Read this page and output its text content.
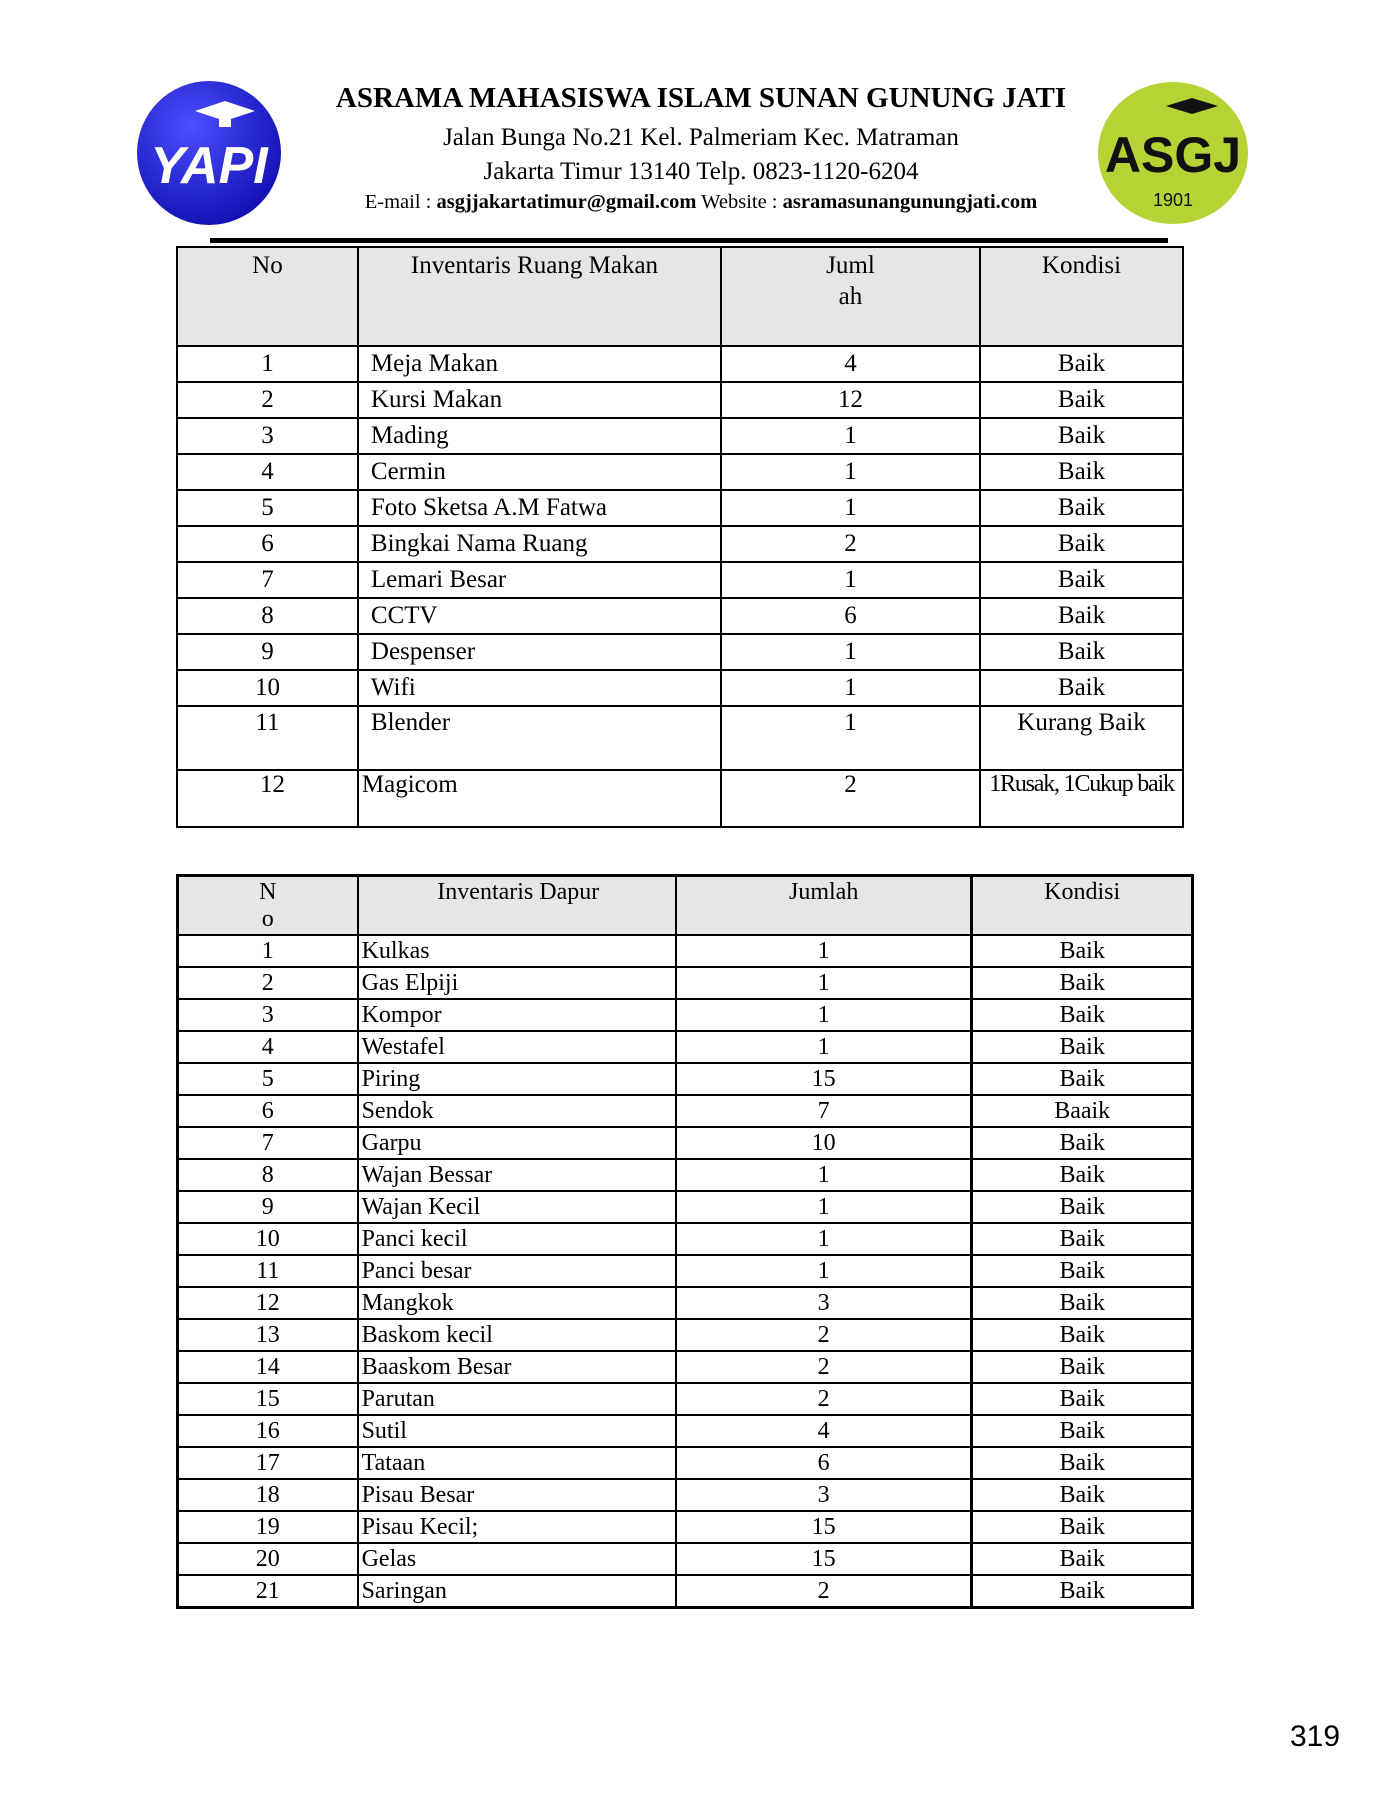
YAPI
ASRAMA MAHASISWA ISLAM SUNAN GUNUNG JATI
Jalan Bunga No.21 Kel. Palmeriam Kec. Matraman
Jakarta Timur 13140 Telp. 0823-1120-6204
E-mail : asgjjakartatimur@gmail.com Website : asramasunangunungjati.com
ASGJ
1901
No	Inventaris Ruang Makan	Jumlah	Kondisi
1	Meja Makan	4	Baik
2	Kursi Makan	12	Baik
3	Mading	1	Baik
4	Cermin	1	Baik
5	Foto Sketsa A.M Fatwa	1	Baik
6	Bingkai Nama Ruang	2	Baik
7	Lemari Besar	1	Baik
8	CCTV	6	Baik
9	Despenser	1	Baik
10	Wifi	1	Baik
11	Blender	1	Kurang Baik
12	Magicom	2	1Rusak, 1Cukup baik
No	Inventaris Dapur	Jumlah	Kondisi
1	Kulkas	1	Baik
2	Gas Elpiji	1	Baik
3	Kompor	1	Baik
4	Westafel	1	Baik
5	Piring	15	Baik
6	Sendok	7	Baaik
7	Garpu	10	Baik
8	Wajan Bessar	1	Baik
9	Wajan Kecil	1	Baik
10	Panci kecil	1	Baik
11	Panci besar	1	Baik
12	Mangkok	3	Baik
13	Baskom kecil	2	Baik
14	Baaskom Besar	2	Baik
15	Parutan	2	Baik
16	Sutil	4	Baik
17	Tataan	6	Baik
18	Pisau Besar	3	Baik
19	Pisau Kecil;	15	Baik
20	Gelas	15	Baik
21	Saringan	2	Baik
319
